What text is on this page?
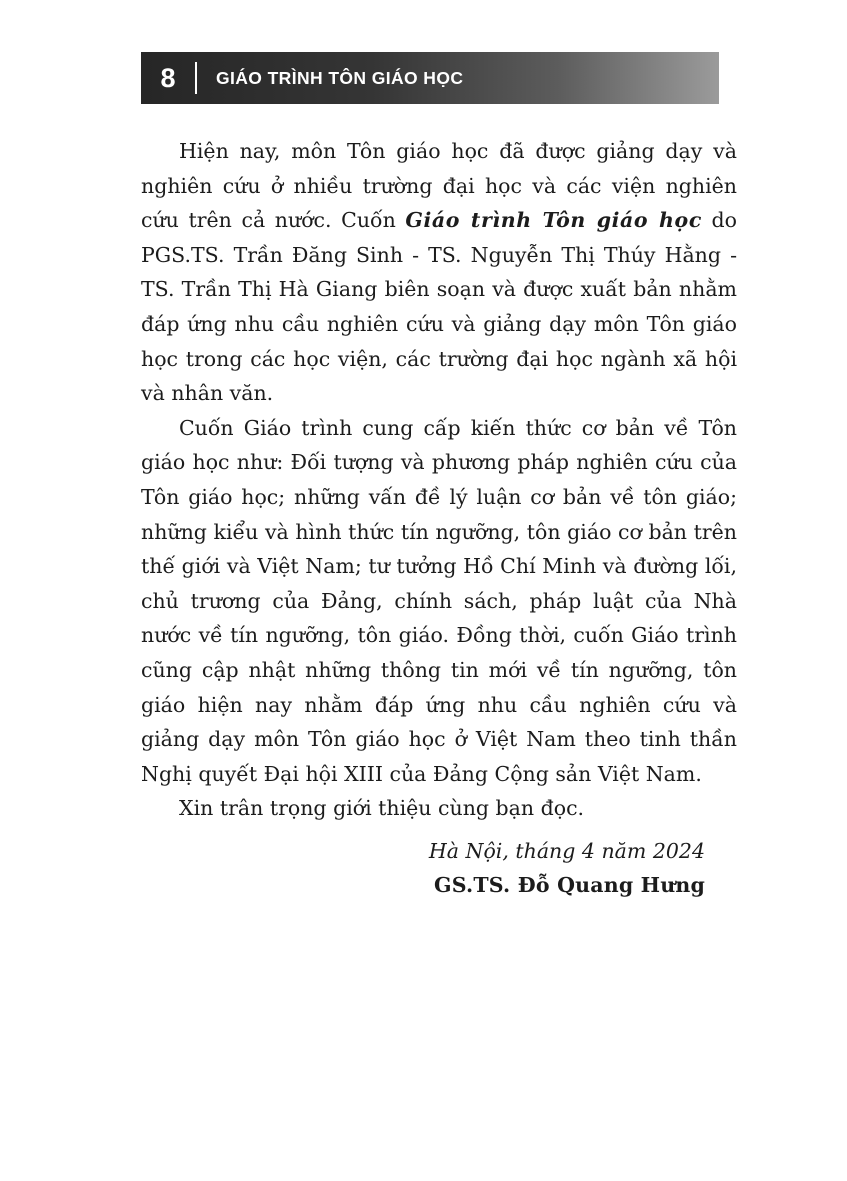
8	GIÁO TRÌNH TÔN GIÁO HỌC

Hiện nay, môn Tôn giáo học đã được giảng dạy và nghiên cứu ở nhiều trường đại học và các viện nghiên cứu trên cả nước. Cuốn Giáo trình Tôn giáo học do PGS.TS. Trần Đăng Sinh - TS. Nguyễn Thị Thúy Hằng - TS. Trần Thị Hà Giang biên soạn và được xuất bản nhằm đáp ứng nhu cầu nghiên cứu và giảng dạy môn Tôn giáo học trong các học viện, các trường đại học ngành xã hội và nhân văn.

Cuốn Giáo trình cung cấp kiến thức cơ bản về Tôn giáo học như: Đối tượng và phương pháp nghiên cứu của Tôn giáo học; những vấn đề lý luận cơ bản về tôn giáo; những kiểu và hình thức tín ngưỡng, tôn giáo cơ bản trên thế giới và Việt Nam; tư tưởng Hồ Chí Minh và đường lối, chủ trương của Đảng, chính sách, pháp luật của Nhà nước về tín ngưỡng, tôn giáo. Đồng thời, cuốn Giáo trình cũng cập nhật những thông tin mới về tín ngưỡng, tôn giáo hiện nay nhằm đáp ứng nhu cầu nghiên cứu và giảng dạy môn Tôn giáo học ở Việt Nam theo tinh thần Nghị quyết Đại hội XIII của Đảng Cộng sản Việt Nam.

Xin trân trọng giới thiệu cùng bạn đọc.

Hà Nội, tháng 4 năm 2024

GS.TS. Đỗ Quang Hưng
